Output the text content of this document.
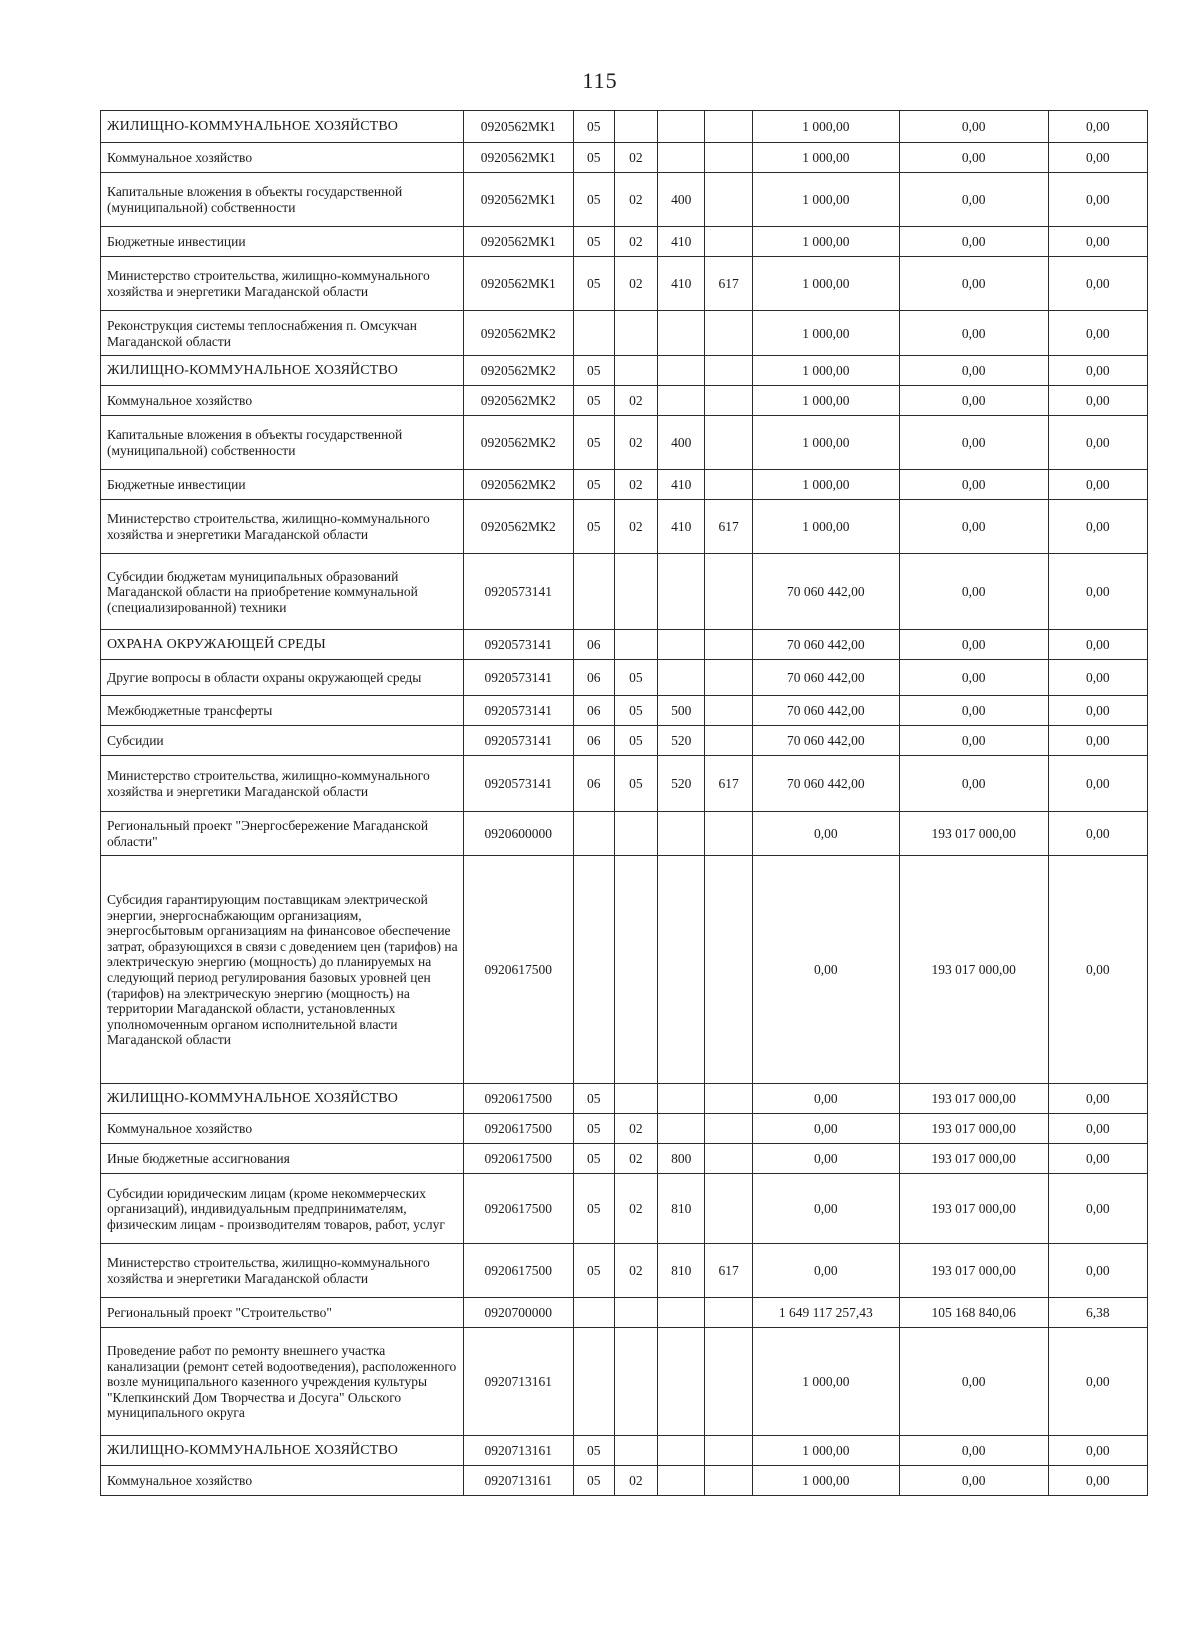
115
ЖИЛИЩНО-КОММУНАЛЬНОЕ ХОЗЯЙСТВО	0920562МК1	05				1 000,00	0,00	0,00
Коммунальное хозяйство	0920562МК1	05	02			1 000,00	0,00	0,00
Капитальные вложения в объекты государственной (муниципальной) собственности	0920562МК1	05	02	400		1 000,00	0,00	0,00
Бюджетные инвестиции	0920562МК1	05	02	410		1 000,00	0,00	0,00
Министерство строительства, жилищно-коммунального хозяйства и энергетики Магаданской области	0920562МК1	05	02	410	617	1 000,00	0,00	0,00
Реконструкция системы теплоснабжения п. Омсукчан Магаданской области	0920562МК2					1 000,00	0,00	0,00
ЖИЛИЩНО-КОММУНАЛЬНОЕ ХОЗЯЙСТВО	0920562МК2	05				1 000,00	0,00	0,00
Коммунальное хозяйство	0920562МК2	05	02			1 000,00	0,00	0,00
Капитальные вложения в объекты государственной (муниципальной) собственности	0920562МК2	05	02	400		1 000,00	0,00	0,00
Бюджетные инвестиции	0920562МК2	05	02	410		1 000,00	0,00	0,00
Министерство строительства, жилищно-коммунального хозяйства и энергетики Магаданской области	0920562МК2	05	02	410	617	1 000,00	0,00	0,00
Субсидии бюджетам муниципальных образований Магаданской области на приобретение коммунальной (специализированной) техники	0920573141					70 060 442,00	0,00	0,00
ОХРАНА ОКРУЖАЮЩЕЙ СРЕДЫ	0920573141	06				70 060 442,00	0,00	0,00
Другие вопросы в области охраны окружающей среды	0920573141	06	05			70 060 442,00	0,00	0,00
Межбюджетные трансферты	0920573141	06	05	500		70 060 442,00	0,00	0,00
Субсидии	0920573141	06	05	520		70 060 442,00	0,00	0,00
Министерство строительства, жилищно-коммунального хозяйства и энергетики Магаданской области	0920573141	06	05	520	617	70 060 442,00	0,00	0,00
Региональный проект "Энергосбережение Магаданской области"	0920600000					0,00	193 017 000,00	0,00
Субсидия гарантирующим поставщикам электрической энергии, энергоснабжающим организациям, энергосбытовым организациям на финансовое обеспечение затрат, образующихся в связи с доведением цен (тарифов) на электрическую энергию (мощность) до планируемых на следующий период регулирования базовых уровней цен (тарифов) на электрическую энергию (мощность) на территории Магаданской области, установленных уполномоченным органом исполнительной власти Магаданской области	0920617500					0,00	193 017 000,00	0,00
ЖИЛИЩНО-КОММУНАЛЬНОЕ ХОЗЯЙСТВО	0920617500	05				0,00	193 017 000,00	0,00
Коммунальное хозяйство	0920617500	05	02			0,00	193 017 000,00	0,00
Иные бюджетные ассигнования	0920617500	05	02	800		0,00	193 017 000,00	0,00
Субсидии юридическим лицам (кроме некоммерческих организаций), индивидуальным предпринимателям, физическим лицам - производителям товаров, работ, услуг	0920617500	05	02	810		0,00	193 017 000,00	0,00
Министерство строительства, жилищно-коммунального хозяйства и энергетики Магаданской области	0920617500	05	02	810	617	0,00	193 017 000,00	0,00
Региональный проект "Строительство"	0920700000					1 649 117 257,43	105 168 840,06	6,38
Проведение работ по ремонту внешнего участка канализации (ремонт сетей водоотведения), расположенного возле муниципального казенного учреждения культуры "Клепкинский Дом Творчества и Досуга" Ольского муниципального округа	0920713161					1 000,00	0,00	0,00
ЖИЛИЩНО-КОММУНАЛЬНОЕ ХОЗЯЙСТВО	0920713161	05				1 000,00	0,00	0,00
Коммунальное хозяйство	0920713161	05	02			1 000,00	0,00	0,00
